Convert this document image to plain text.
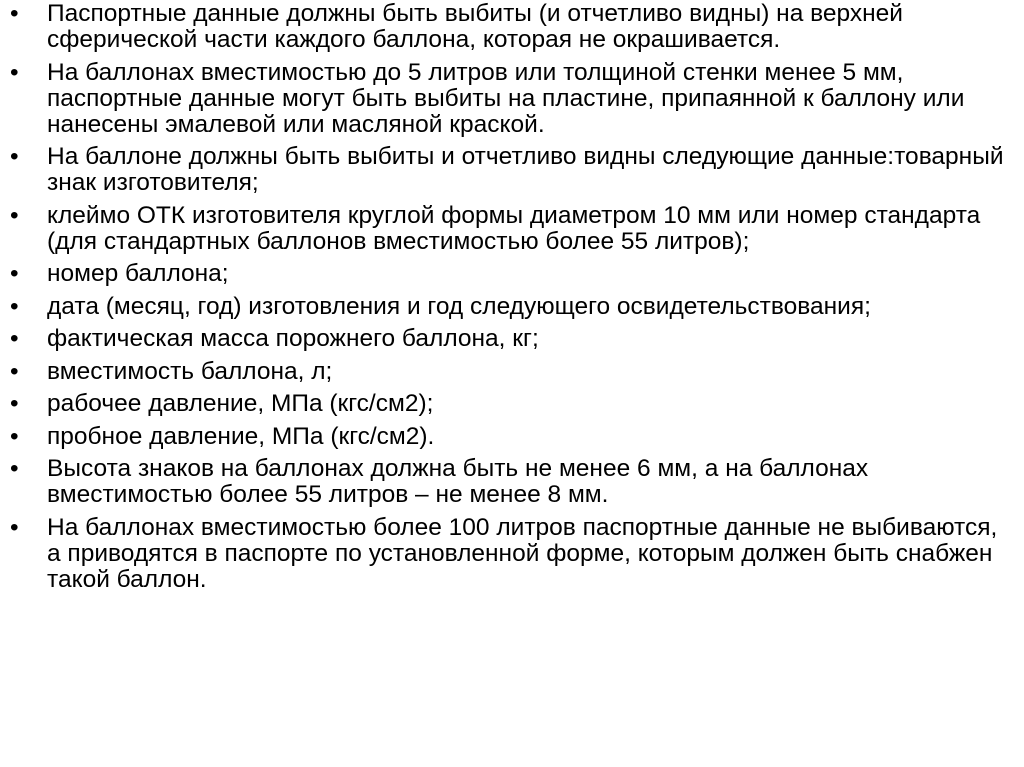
•	Паспортные данные должны быть выбиты (и отчетливо видны) на верхней сферической части каждого баллона, которая не окрашивается.
•	На баллонах вместимостью до 5 литров или толщиной стенки менее 5 мм, паспортные данные могут быть выбиты на пластине, припаянной к баллону или нанесены эмалевой или масляной краской.
•	На баллоне должны быть выбиты и отчетливо видны следующие данные:товарный знак изготовителя;
•	клеймо ОТК изготовителя круглой формы диаметром 10 мм или номер стандарта (для стандартных баллонов вместимостью более 55 литров);
•	номер баллона;
•	дата (месяц, год) изготовления и год следующего освидетельствования;
•	фактическая масса порожнего баллона, кг;
•	вместимость баллона, л;
•	рабочее давление, МПа (кгс/см2);
•	пробное давление, МПа (кгс/см2).
•	Высота знаков на баллонах должна быть не менее 6 мм, а на баллонах вместимостью более 55 литров – не менее 8 мм.
•	На баллонах вместимостью более 100 литров паспортные данные не выбиваются, а приводятся в паспорте по установленной форме, которым должен быть снабжен такой баллон.
